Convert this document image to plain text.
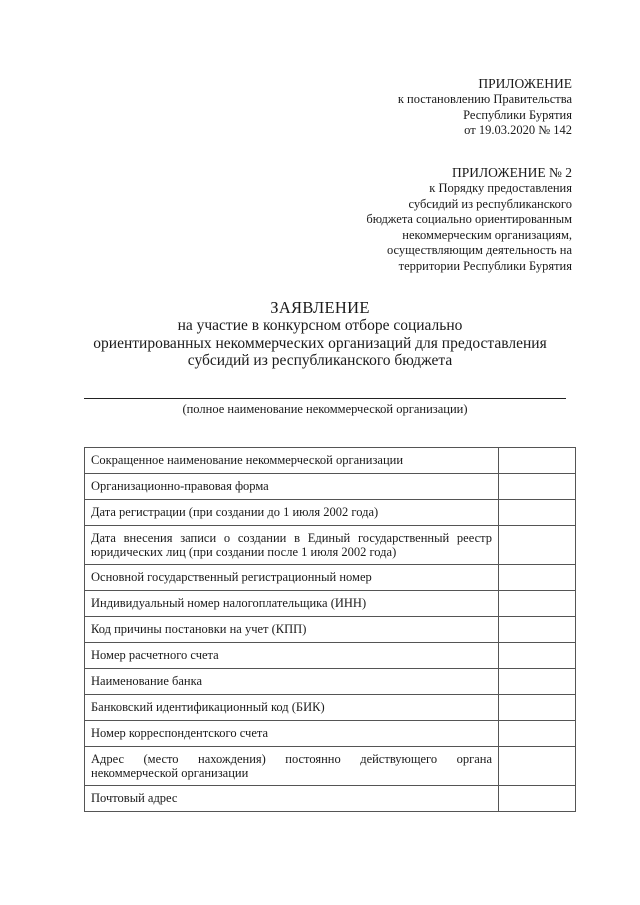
ПРИЛОЖЕНИЕ
к постановлению Правительства
Республики Бурятия
от 19.03.2020 № 142
ПРИЛОЖЕНИЕ № 2
к Порядку предоставления
субсидий из республиканского
бюджета социально ориентированным
некоммерческим организациям,
осуществляющим деятельность на
территории Республики Бурятия
ЗАЯВЛЕНИЕ
на участие в конкурсном отборе социально
ориентированных некоммерческих организаций для предоставления
субсидий из республиканского бюджета
(полное наименование некоммерческой организации)
Сокращенное наименование некоммерческой организации	
Организационно-правовая форма	
Дата регистрации (при создании до 1 июля 2002 года)	
Дата внесения записи о создании в Единый государственный реестр юридических лиц (при создании после 1 июля 2002 года)	
Основной государственный регистрационный номер	
Индивидуальный номер налогоплательщика (ИНН)	
Код причины постановки на учет (КПП)	
Номер расчетного счета	
Наименование банка	
Банковский идентификационный код (БИК)	
Номер корреспондентского счета	
Адрес (место нахождения) постоянно действующего органа некоммерческой организации	
Почтовый адрес	
